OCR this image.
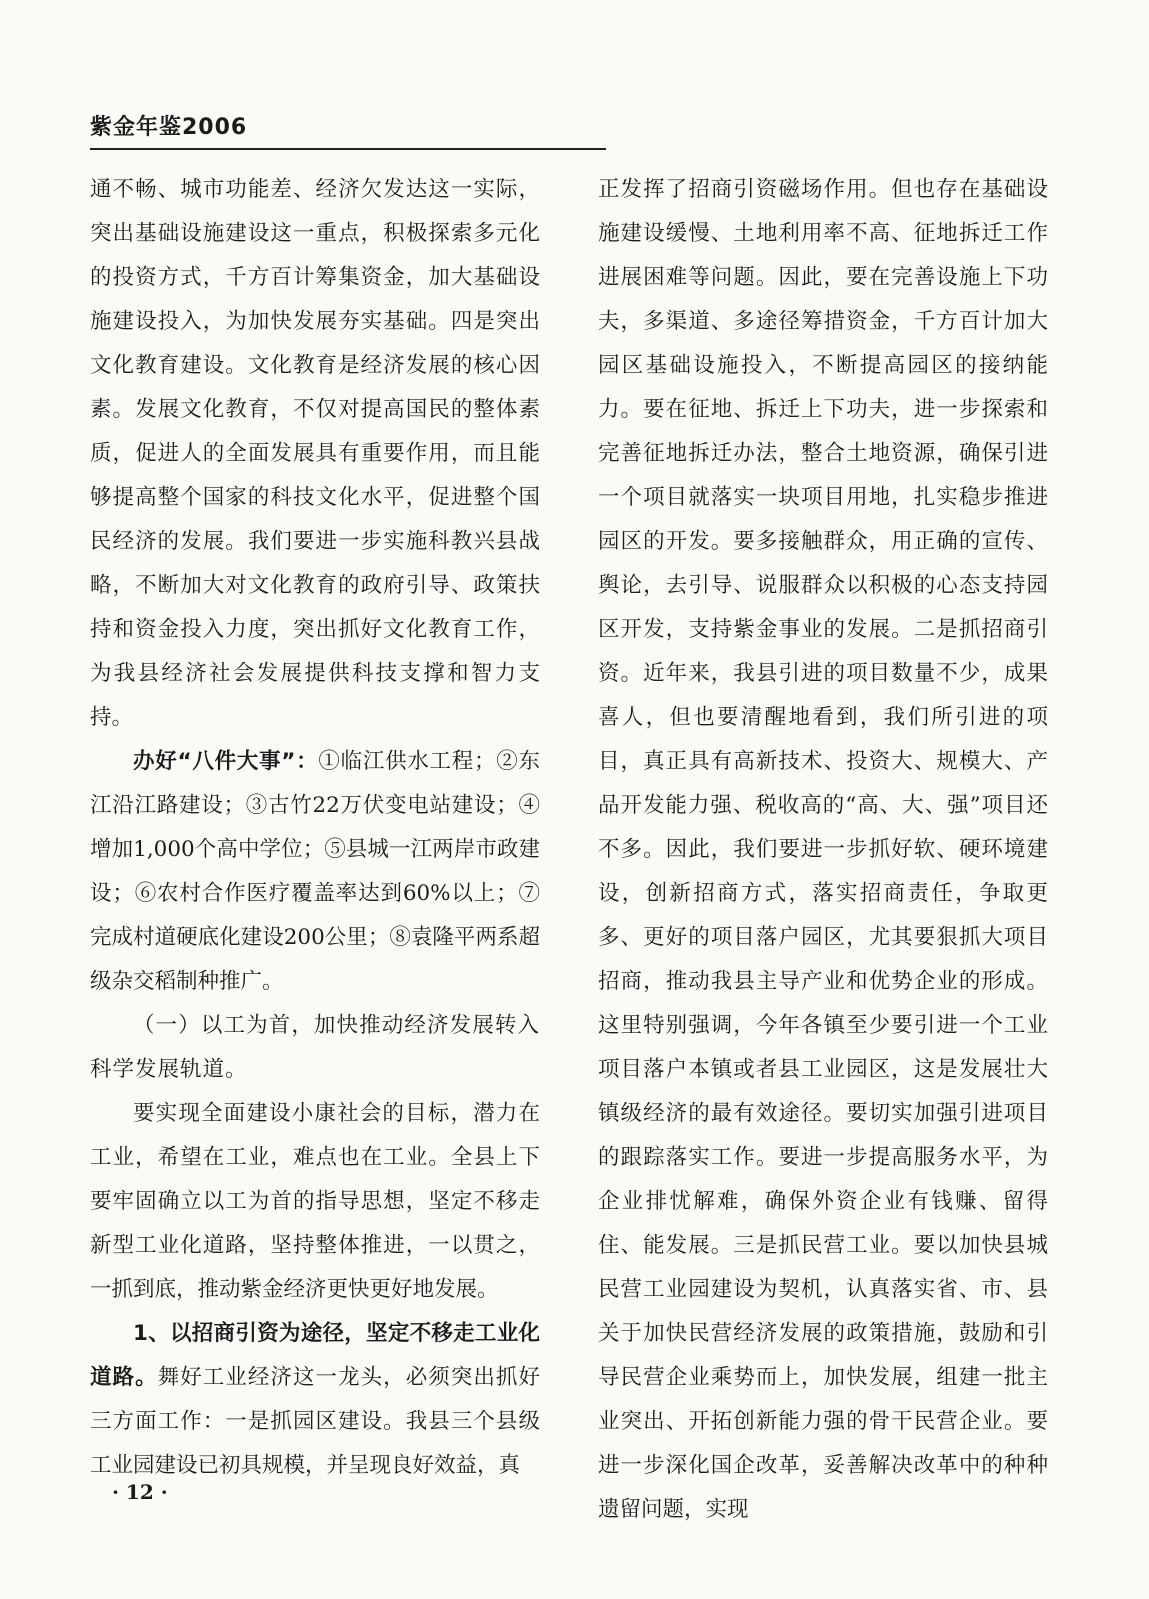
紫金年鉴2006

通不畅、城市功能差、经济欠发达这一实际，突出基础设施建设这一重点，积极探索多元化的投资方式，千方百计筹集资金，加大基础设施建设投入，为加快发展夯实基础。四是突出文化教育建设。文化教育是经济发展的核心因素。发展文化教育，不仅对提高国民的整体素质，促进人的全面发展具有重要作用，而且能够提高整个国家的科技文化水平，促进整个国民经济的发展。我们要进一步实施科教兴县战略，不断加大对文化教育的政府引导、政策扶持和资金投入力度，突出抓好文化教育工作，为我县经济社会发展提供科技支撑和智力支持。

办好“八件大事”：①临江供水工程；②东江沿江路建设；③古竹22万伏变电站建设；④增加1,000个高中学位；⑤县城一江两岸市政建设；⑥农村合作医疗覆盖率达到60%以上；⑦完成村道硬底化建设200公里；⑧袁隆平两系超级杂交稻制种推广。

（一）以工为首，加快推动经济发展转入科学发展轨道。

要实现全面建设小康社会的目标，潜力在工业，希望在工业，难点也在工业。全县上下要牢固确立以工为首的指导思想，坚定不移走新型工业化道路，坚持整体推进，一以贯之，一抓到底，推动紫金经济更快更好地发展。

1、以招商引资为途径，坚定不移走工业化道路。舞好工业经济这一龙头，必须突出抓好三方面工作：一是抓园区建设。我县三个县级工业园建设已初具规模，并呈现良好效益，真

正发挥了招商引资磁场作用。但也存在基础设施建设缓慢、土地利用率不高、征地拆迁工作进展困难等问题。因此，要在完善设施上下功夫，多渠道、多途径筹措资金，千方百计加大园区基础设施投入，不断提高园区的接纳能力。要在征地、拆迁上下功夫，进一步探索和完善征地拆迁办法，整合土地资源，确保引进一个项目就落实一块项目用地，扎实稳步推进园区的开发。要多接触群众，用正确的宣传、舆论，去引导、说服群众以积极的心态支持园区开发，支持紫金事业的发展。二是抓招商引资。近年来，我县引进的项目数量不少，成果喜人，但也要清醒地看到，我们所引进的项目，真正具有高新技术、投资大、规模大、产品开发能力强、税收高的“高、大、强”项目还不多。因此，我们要进一步抓好软、硬环境建设，创新招商方式，落实招商责任，争取更多、更好的项目落户园区，尤其要狠抓大项目招商，推动我县主导产业和优势企业的形成。这里特别强调，今年各镇至少要引进一个工业项目落户本镇或者县工业园区，这是发展壮大镇级经济的最有效途径。要切实加强引进项目的跟踪落实工作。要进一步提高服务水平，为企业排忧解难，确保外资企业有钱赚、留得住、能发展。三是抓民营工业。要以加快县城民营工业园建设为契机，认真落实省、市、县关于加快民营经济发展的政策措施，鼓励和引导民营企业乘势而上，加快发展，组建一批主业突出、开拓创新能力强的骨干民营企业。要进一步深化国企改革，妥善解决改革中的种种遗留问题，实现

· 12 ·
